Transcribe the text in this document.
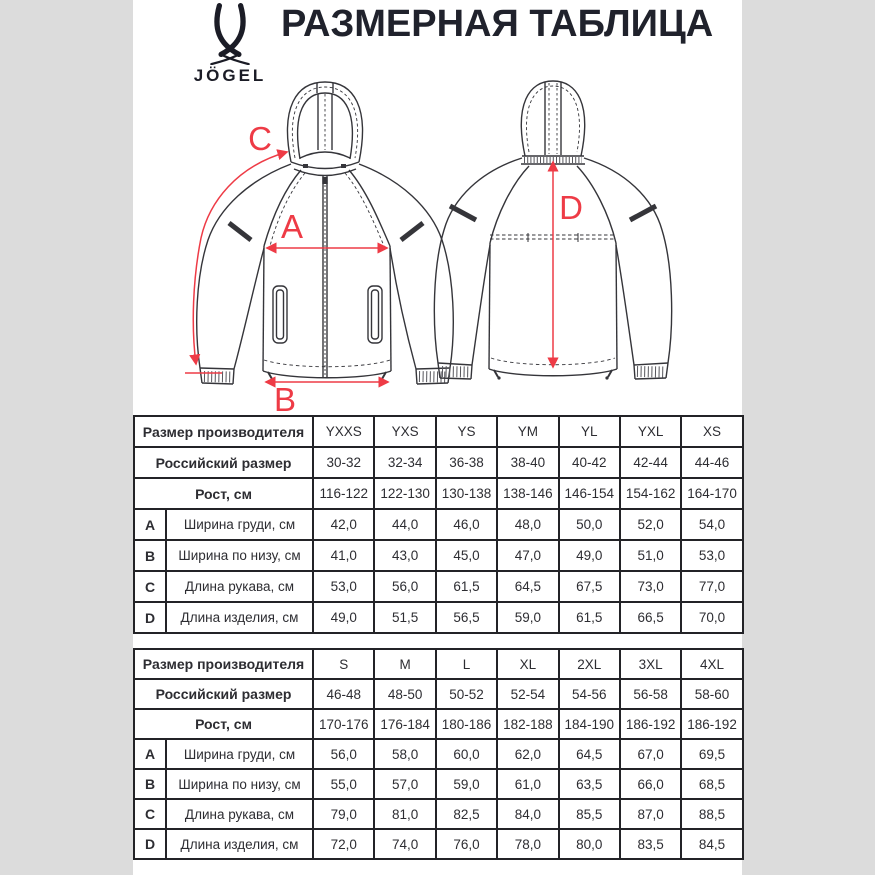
JÖGEL
РАЗМЕРНАЯ ТАБЛИЦА
A
B
C
D
Размер производителя		YXXS	YXS	YS	YM	YL	YXL	XS
Российский размер		30-32	32-34	36-38	38-40	40-42	42-44	44-46
Рост, см		116-122	122-130	130-138	138-146	146-154	154-162	164-170
A	Ширина груди, см	42,0	44,0	46,0	48,0	50,0	52,0	54,0
B	Ширина по низу, см	41,0	43,0	45,0	47,0	49,0	51,0	53,0
C	Длина рукава, см	53,0	56,0	61,5	64,5	67,5	73,0	77,0
D	Длина изделия, см	49,0	51,5	56,5	59,0	61,5	66,5	70,0
Размер производителя		S	M	L	XL	2XL	3XL	4XL
Российский размер		46-48	48-50	50-52	52-54	54-56	56-58	58-60
Рост, см		170-176	176-184	180-186	182-188	184-190	186-192	186-192
A	Ширина груди, см	56,0	58,0	60,0	62,0	64,5	67,0	69,5
B	Ширина по низу, см	55,0	57,0	59,0	61,0	63,5	66,0	68,5
C	Длина рукава, см	79,0	81,0	82,5	84,0	85,5	87,0	88,5
D	Длина изделия, см	72,0	74,0	76,0	78,0	80,0	83,5	84,5
